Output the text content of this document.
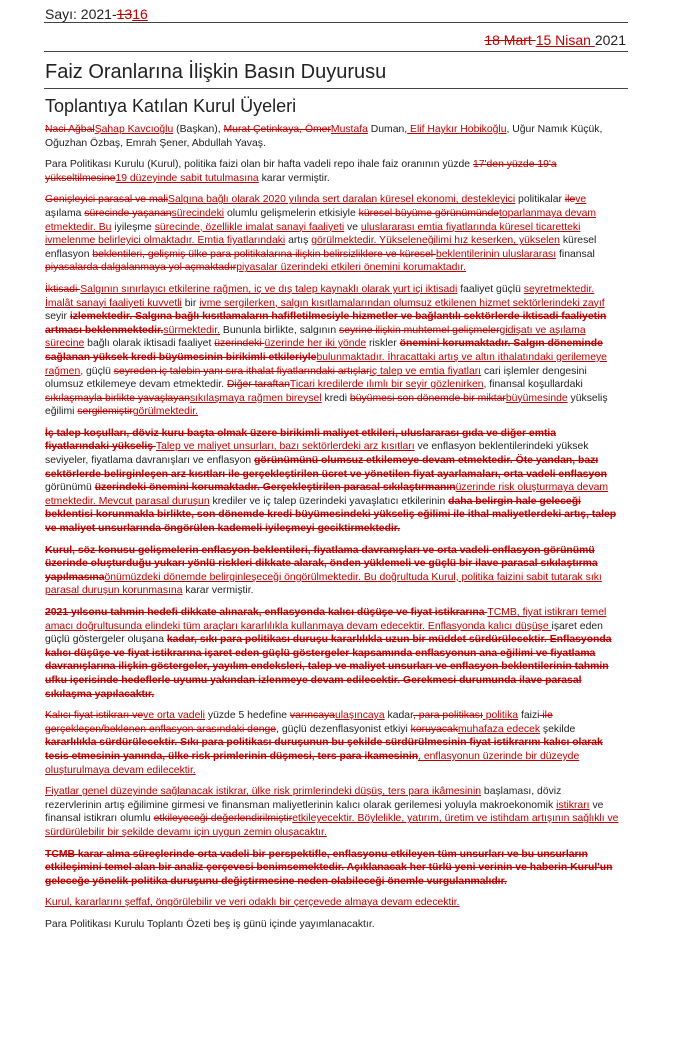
Sayı: 2021-1316
18 Mart 15 Nisan 2021
Faiz Oranlarına İlişkin Basın Duyurusu
Toplantıya Katılan Kurul Üyeleri

Naci AğbalŞahap Kavcıoğlu (Başkan), Murat Çetinkaya, ÖmerMustafa Duman, Elif Haykır Hobikoğlu, Uğur Namık Küçük, Oğuzhan Özbaş, Emrah Şener, Abdullah Yavaş.

Para Politikası Kurulu (Kurul), politika faizi olan bir hafta vadeli repo ihale faiz oranının yüzde 17'den yüzde 19'a yükseltilmesine19 düzeyinde sabit tutulmasına karar vermiştir.

Genişleyici parasal ve maliSalgına bağlı olarak 2020 yılında sert daralan küresel ekonomi, destekleyici politikalar ileve aşılama sürecinde yaşanansürecindeki olumlu gelişmelerin etkisiyle küresel büyüme görünümündetoparlanmaya devam etmektedir. Bu iyileşme sürecinde, özellikle imalat sanayi faaliyeti ve uluslararası emtia fiyatlarında küresel ticaretteki ivmelenme belirleyici olmaktadır. Emtia fiyatlarındaki artış görülmektedir. Yükseleneğilimi hız keserken, yükselen küresel enflasyon beklentileri, gelişmiş ülke para politikalarına ilişkin belirsizliklere ve küresel beklentilerinin uluslararası finansal piyasalarda dalgalanmaya yol açmaktadırpiyasalar üzerindeki etkileri önemini korumaktadır.

İktisadi Salgının sınırlayıcı etkilerine rağmen, iç ve dış talep kaynaklı olarak yurt içi iktisadi faaliyet güçlü seyretmektedir. İmalât sanayi faaliyeti kuvvetli bir ivme sergilerken, salgın kısıtlamalarından olumsuz etkilenen hizmet sektörlerindeki zayıf seyir izlemektedir. Salgına bağlı kısıtlamaların hafifletilmesiyle hizmetler ve bağlantılı sektörlerde iktisadi faaliyetin artması beklenmektedir.sürmektedir. Bununla birlikte, salgının seyrine ilişkin muhtemel gelişmelergidişatı ve aşılama sürecine bağlı olarak iktisadi faaliyet üzerindeki üzerinde her iki yönde riskler önemini korumaktadır. Salgın döneminde sağlanan yüksek kredi büyümesinin birikimli etkileriylebulunmaktadır. İhracattaki artış ve altın ithalatındaki gerilemeye rağmen, güçlü seyreden iç talebin yanı sıra ithalat fiyatlarındaki artışlariç talep ve emtia fiyatları cari işlemler dengesini olumsuz etkilemeye devam etmektedir. Diğer taraftanTicari kredilerde ılımlı bir seyir gözlenirken, finansal koşullardaki sıkılaşmayla birlikte yavaşlayansıkılaşmaya rağmen bireysel kredi büyümesi son dönemde bir miktarbüyümesinde yükseliş eğilimi sergilemiştirgörülmektedir.

İç talep koşulları, döviz kuru başta olmak üzere birikimli maliyet etkileri, uluslararası gıda ve diğer emtia fiyatlarındaki yükseliş Talep ve maliyet unsurları, bazı sektörlerdeki arz kısıtları ve enflasyon beklentilerindeki yüksek seviyeler, fiyatlama davranışları ve enflasyon görünümünü olumsuz etkilemeye devam etmektedir. Öte yandan, bazı sektörlerde belirginleşen arz kısıtları ile gerçekleştirilen ücret ve yönetilen fiyat ayarlamaları, orta vadeli enflasyon görünümü üzerindeki önemini korumaktadır. Gerçekleştirilen parasal sıkılaştırmanınüzerinde risk oluşturmaya devam etmektedir. Mevcut parasal duruşun krediler ve iç talep üzerindeki yavaşlatıcı etkilerinin daha belirgin hale geleceği beklentisi korunmakla birlikte, son dönemde kredi büyümesindeki yükseliş eğilimi ile ithal maliyetlerdeki artış, talep ve maliyet unsurlarında öngörülen kademeli iyileşmeyi geciktirmektedir.

Kurul, söz konusu gelişmelerin enflasyon beklentileri, fiyatlama davranışları ve orta vadeli enflasyon görünümü üzerinde oluşturduğu yukarı yönlü riskleri dikkate alarak, önden yüklemeli ve güçlü bir ilave parasal sıkılaştırma yapılmasınaönümüzdeki dönemde belirginleşeceği öngörülmektedir. Bu doğrultuda Kurul, politika faizini sabit tutarak sıkı parasal duruşun korunmasına karar vermiştir.

2021 yılsonu tahmin hedefi dikkate alınarak, enflasyonda kalıcı düşüşe ve fiyat istikrarına TCMB, fiyat istikrarı temel amacı doğrultusunda elindeki tüm araçları kararlılıkla kullanmaya devam edecektir. Enflasyonda kalıcı düşüşe işaret eden güçlü göstergeler oluşana kadar, sıkı para politikası duruşu kararlılıkla uzun bir müddet sürdürülecektir. Enflasyonda kalıcı düşüşe ve fiyat istikrarına işaret eden güçlü göstergeler kapsamında enflasyonun ana eğilimi ve fiyatlama davranışlarına ilişkin göstergeler, yayılım endeksleri, talep ve maliyet unsurları ve enflasyon beklentilerinin tahmin ufku içerisinde hedeflerle uyumu yakından izlenmeye devam edilecektir. Gerekmesi durumunda ilave parasal sıkılaşma yapılacaktır.

Kalıcı fiyat istikrarı veve orta vadeli yüzde 5 hedefine varıncayaulaşıncaya kadar, para politikası politika faizi ile gerçekleşen/beklenen enflasyon arasındaki denge, güçlü dezenflasyonist etkiyi koruyacakmuhafaza edecek şekilde kararlılıkla sürdürülecektir. Sıkı para politikası duruşunun bu şekilde sürdürülmesinin fiyat istikrarını kalıcı olarak tesis etmesinin yanında, ülke risk primlerinin düşmesi, ters para ikamesinin, enflasyonun üzerinde bir düzeyde oluşturulmaya devam edilecektir.

Fiyatlar genel düzeyinde sağlanacak istikrar, ülke risk primlerindeki düşüş, ters para ikâmesinin başlaması, döviz rezervlerinin artış eğilimine girmesi ve finansman maliyetlerinin kalıcı olarak gerilemesi yoluyla makroekonomik istikrarı ve finansal istikrarı olumlu etkileyeceği değerlendirilmiştiretkileyecektir. Böylelikle, yatırım, üretim ve istihdam artışının sağlıklı ve sürdürülebilir bir şekilde devamı için uygun zemin oluşacaktır.

TCMB karar alma süreçlerinde orta vadeli bir perspektifle, enflasyonu etkileyen tüm unsurları ve bu unsurların etkileşimini temel alan bir analiz çerçevesi benimsemektedir. Açıklanacak her türlü yeni verinin ve haberin Kurul'un geleceğe yönelik politika duruşunu değiştirmesine neden olabileceği önemle vurgulanmalıdır.

Kurul, kararlarını şeffaf, öngörülebilir ve veri odaklı bir çerçevede almaya devam edecektir.

Para Politikası Kurulu Toplantı Özeti beş iş günü içinde yayımlanacaktır.
